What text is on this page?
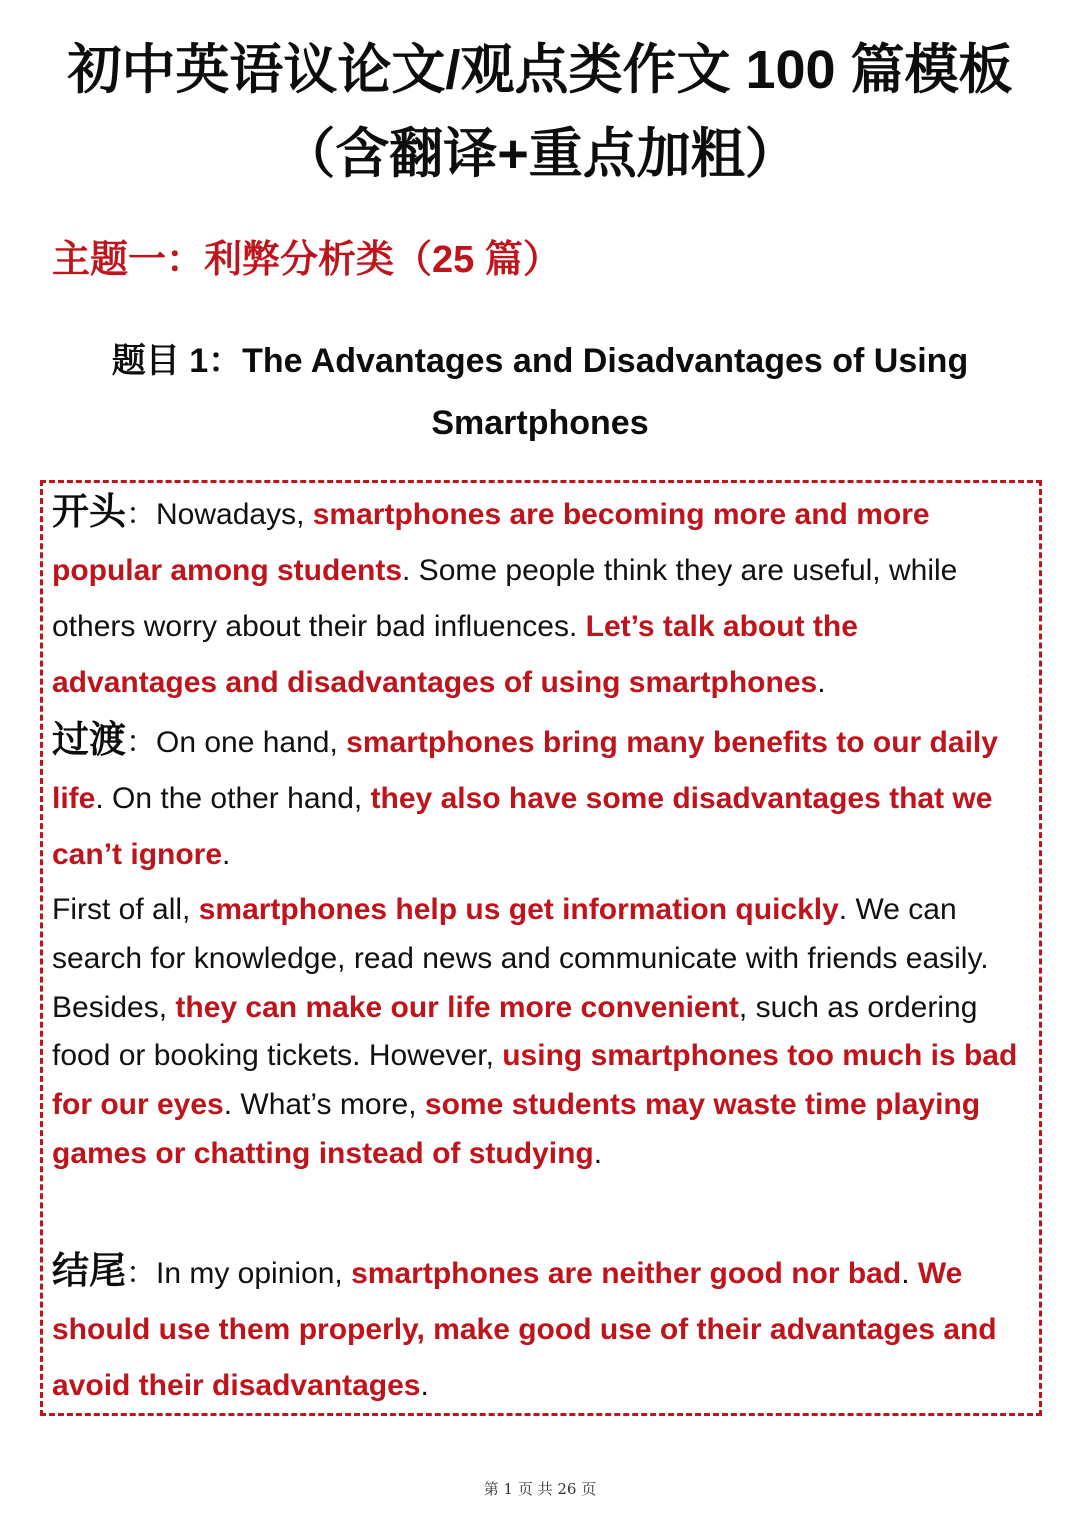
初中英语议论文/观点类作文 100 篇模板
（含翻译+重点加粗）
主题一：利弊分析类（25 篇）
题目 1：The Advantages and Disadvantages of Using
Smartphones

开头：Nowadays, smartphones are becoming more and more popular among students. Some people think they are useful, while others worry about their bad influences. Let’s talk about the advantages and disadvantages of using smartphones.

过渡：On one hand, smartphones bring many benefits to our daily life. On the other hand, they also have some disadvantages that we can’t ignore.

First of all, smartphones help us get information quickly. We can search for knowledge, read news and communicate with friends easily. Besides, they can make our life more convenient, such as ordering food or booking tickets. However, using smartphones too much is bad for our eyes. What’s more, some students may waste time playing games or chatting instead of studying.

结尾：In my opinion, smartphones are neither good nor bad. We should use them properly, make good use of their advantages and avoid their disadvantages.

第 1 页 共 26 页
